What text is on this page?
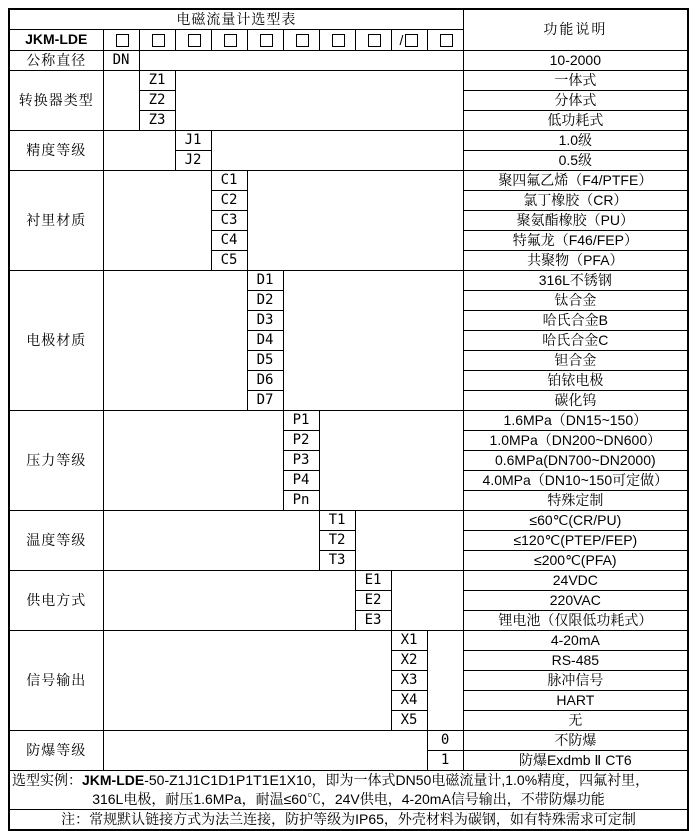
电磁流量计选型表											功能说明
JKM-LDE									/		
公称直径	DN										10-2000
转换器类型		Z1									一体式
		Z2									分体式
		Z3									低功耗式
精度等级			J1								1.0级
			J2								0.5级
衬里材质				C1							聚四氟乙烯（F4/PTFE）
				C2							氯丁橡胶（CR）
				C3							聚氨酯橡胶（PU）
				C4							特氟龙（F46/FEP）
				C5							共聚物（PFA）
电极材质					D1						316L不锈钢
					D2						钛合金
					D3						哈氏合金B
					D4						哈氏合金C
					D5						钽合金
					D6						铂铱电极
					D7						碳化钨
压力等级						P1					1.6MPa（DN15~150）
						P2					1.0MPa（DN200~DN600）
						P3					0.6MPa(DN700~DN2000)
						P4					4.0MPa（DN10~150可定做）
						Pn					特殊定制
温度等级							T1				≤60℃(CR/PU)
							T2				≤120℃(PTEP/FEP)
							T3				≤200℃(PFA)
供电方式								E1			24VDC
								E2			220VAC
								E3			锂电池（仅限低功耗式）
信号输出									X1		4-20mA
									X2		RS-485
									X3		脉冲信号
									X4		HART
									X5		无
防爆等级										0	不防爆
										1	防爆Exdmb Ⅱ CT6

选型实例：JKM-LDE-50-Z1J1C1D1P1T1E1X10，即为一体式DN50电磁流量计,1.0%精度，四氟衬里，
316L电极，耐压1.6MPa，耐温≤60℃，24V供电，4-20mA信号输出，不带防爆功能											

注：常规默认链接方式为法兰连接，防护等级为IP65，外壳材料为碳钢，如有特殊需求可定制											
